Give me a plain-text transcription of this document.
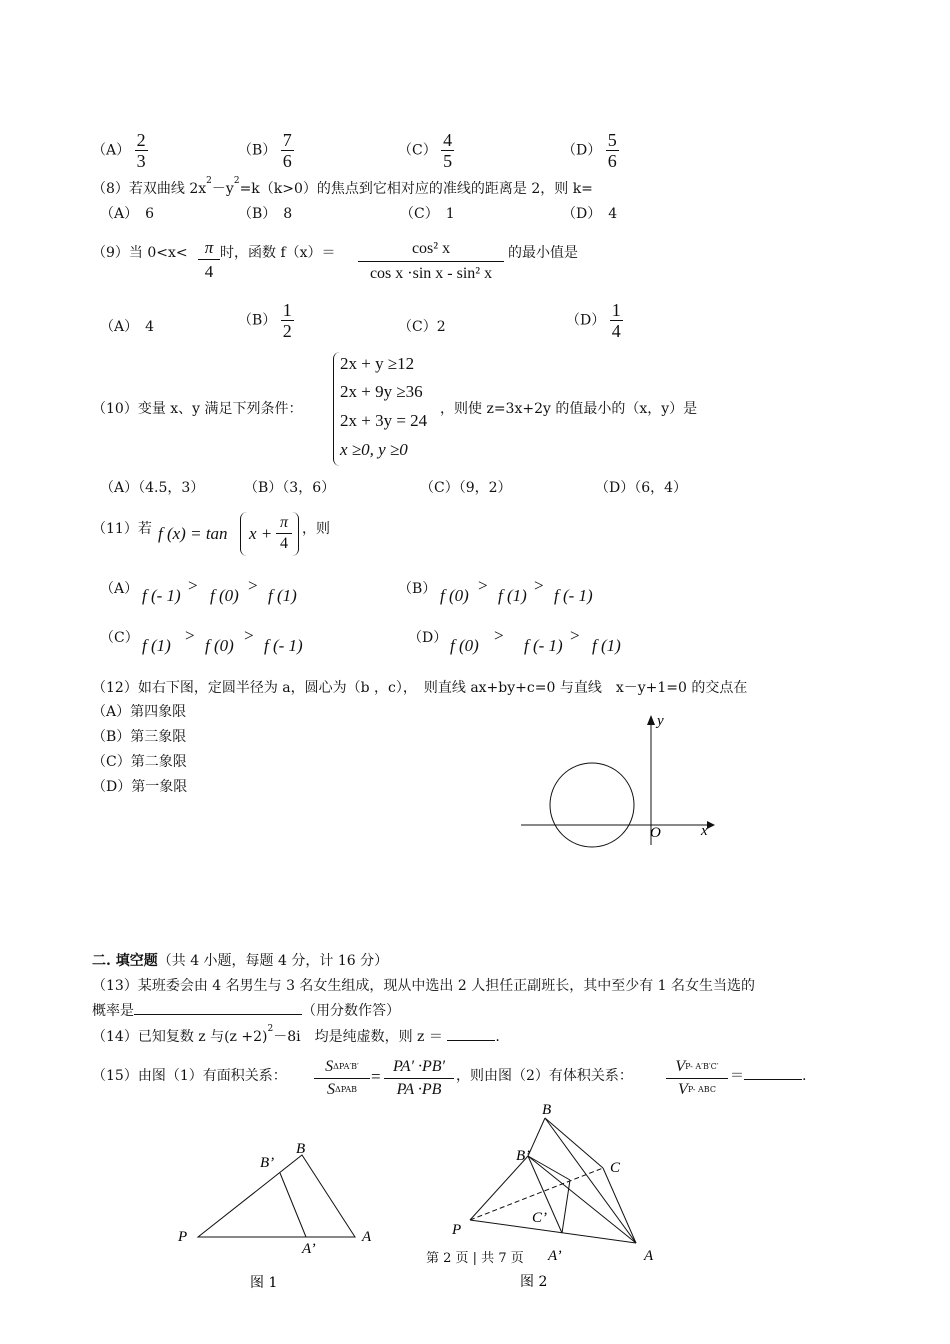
$(A) \frac{2}{3}$	$(B) \frac{7}{6}$	$(C) \frac{4}{5}$	$(D) \frac{5}{6}$
（8）若双曲线 $2x^2-y^2=k(k>0)$的焦点到它相对应的准线的距离是 2，则 k=
（A）　6	（B）　8	（C）　1	（D）　4
（9）当 0<x<	π
4
时，函数 f（x）＝	cos² x
cos x ·sin x - sin² x
的最小值是
（A）　4	$(B) \frac{1}{2}$	（C）2	$(D) \frac{1}{4}$
（10）变量 x、y 满足下列条件：
2x + y ≥12
2x + 9y ≥36
2x + 3y = 24
x ≥0, y ≥0
，则使 z=3x+2y 的值最小的（x，y）是
（A）（4.5，3）	（B）（3，6）	（C）（9，2）	（D）（6，4）
（11）若 f (x) = tan x +
π
4
，则
（A） f (- 1)
>
f (0)
>
f (1)	（B） f (0)
>
f (1)
>
f (- 1)
（C） f (1)
>
f (0)
>
f (- 1)	（D） f (0)
>
f (- 1)
>
f (1)
（12）如右下图，定圆半径为 a，圆心为（b ，c），　则直线 ax+by+c=0 与直线　x－y+1=0 的交点在
（A）第四象限
（B）第三象限
（C）第二象限
（D）第一象限
y
x
O
二. 填空题（共 4 小题，每题 4 分，计 16 分）
（13）某班委会由 4 名男生与 3 名女生组成，现从中选出 2 人担任正副班长，其中至少有 1 名女生当选的
概率是	（用分数作答）
（14）已知复数 z 与$(z +2)^2-8i$　均是纯虚数，则 z ＝	.
（15）由图（1）有面积关系：
SΔPA′B′
SΔPAB
=
PA′ ·PB′
PA ·PB
，则由图（2）有体积关系：
VP- A′B′C′
VP- ABC
＝	.
P	A
B
B’
A’
图 1
P
A
B
C
B’
C’
A’
图 2
第 2 页 | 共 7 页
